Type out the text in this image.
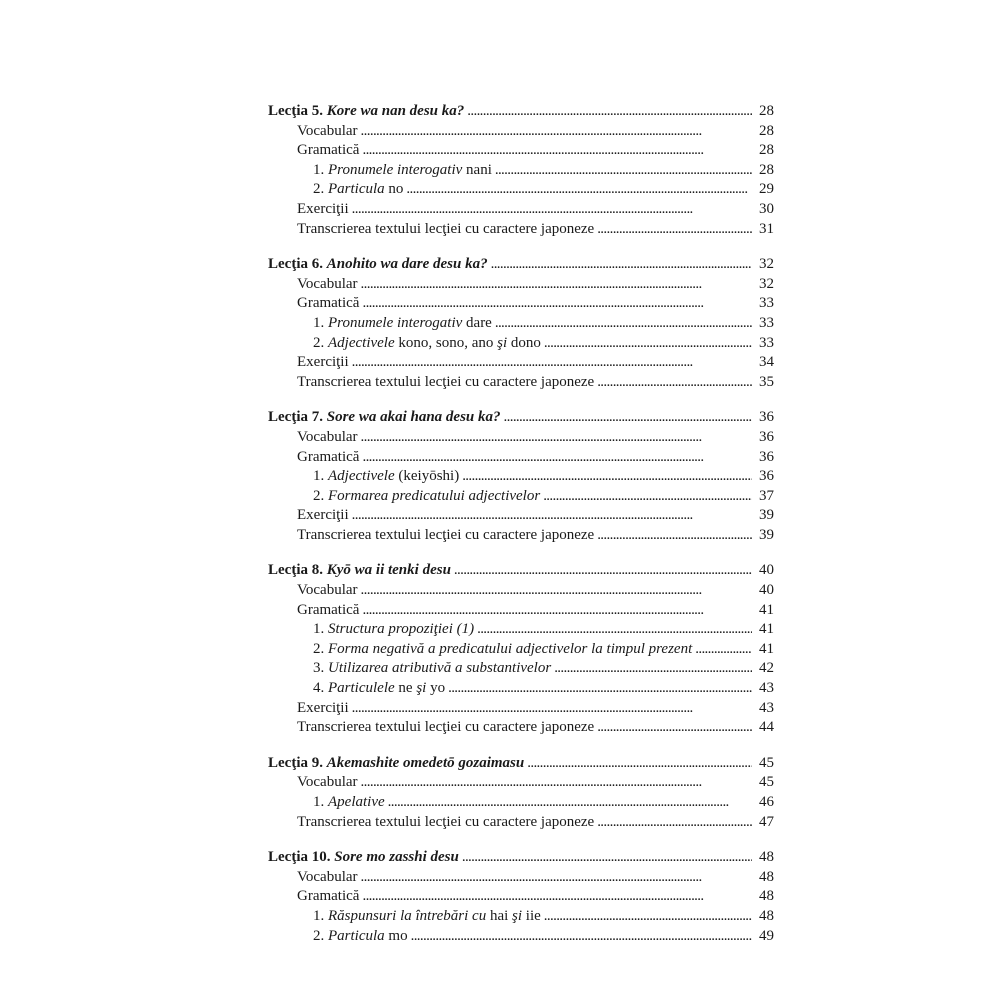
Lecţia 5. Kore wa nan desu ka? . . .	28
Vocabular . . .	28
Gramatică . . .	28
1. Pronumele interogativ nani . . .	28
2. Particula no . . .	29
Exerciţii . . .	30
Transcrierea textului lecţiei cu caractere japoneze . . .	31
Lecţia 6. Anohito wa dare desu ka? . . .	32
Vocabular . . .	32
Gramatică . . .	33
1. Pronumele interogativ dare . . .	33
2. Adjectivele kono, sono, ano şi dono . . .	33
Exerciţii . . .	34
Transcrierea textului lecţiei cu caractere japoneze . . .	35
Lecţia 7. Sore wa akai hana desu ka? . . .	36
Vocabular . . .	36
Gramatică . . .	36
1. Adjectivele (keiyōshi) . . .	36
2. Formarea predicatului adjectivelor . . .	37
Exerciţii . . .	39
Transcrierea textului lecţiei cu caractere japoneze . . .	39
Lecţia 8. Kyō wa ii tenki desu . . .	40
Vocabular . . .	40
Gramatică . . .	41
1. Structura propoziţiei (1) . . .	41
2. Forma negativă a predicatului adjectivelor la timpul prezent . . .	41
3. Utilizarea atributivă a substantivelor . . .	42
4. Particulele ne şi yo . . .	43
Exerciţii . . .	43
Transcrierea textului lecţiei cu caractere japoneze . . .	44
Lecţia 9. Akemashite omedetō gozaimasu . . .	45
Vocabular . . .	45
1. Apelative . . .	46
Transcrierea textului lecţiei cu caractere japoneze . . .	47
Lecţia 10. Sore mo zasshi desu . . .	48
Vocabular . . .	48
Gramatică . . .	48
1. Răspunsuri la întrebări cu hai şi iie . . .	48
2. Particula mo . . .	49
